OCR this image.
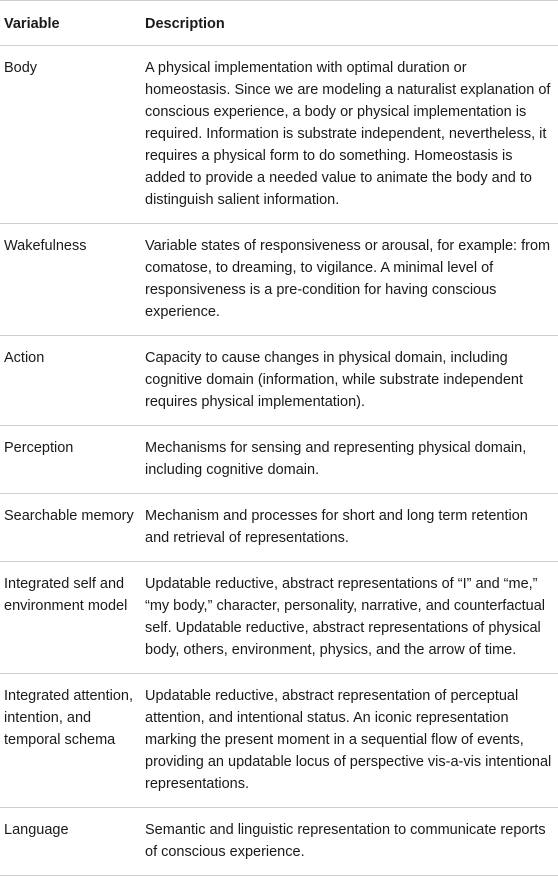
Variable	Description
Body	A physical implementation with optimal duration or homeostasis. Since we are modeling a naturalist explanation of conscious experience, a body or physical implementation is required. Information is substrate independent, nevertheless, it requires a physical form to do something. Homeostasis is added to provide a needed value to animate the body and to distinguish salient information.
Wakefulness	Variable states of responsiveness or arousal, for example: from comatose, to dreaming, to vigilance. A minimal level of responsiveness is a pre-condition for having conscious experience.
Action	Capacity to cause changes in physical domain, including cognitive domain (information, while substrate independent requires physical implementation).
Perception	Mechanisms for sensing and representing physical domain, including cognitive domain.
Searchable memory	Mechanism and processes for short and long term retention and retrieval of representations.
Integrated self and environment model	Updatable reductive, abstract representations of “I” and “me,” “my body,” character, personality, narrative, and counterfactual self. Updatable reductive, abstract representations of physical body, others, environment, physics, and the arrow of time.
Integrated attention, intention, and temporal schema	Updatable reductive, abstract representation of perceptual attention, and intentional status. An iconic representation marking the present moment in a sequential flow of events, providing an updatable locus of perspective vis-a-vis intentional representations.
Language	Semantic and linguistic representation to communicate reports of conscious experience.
